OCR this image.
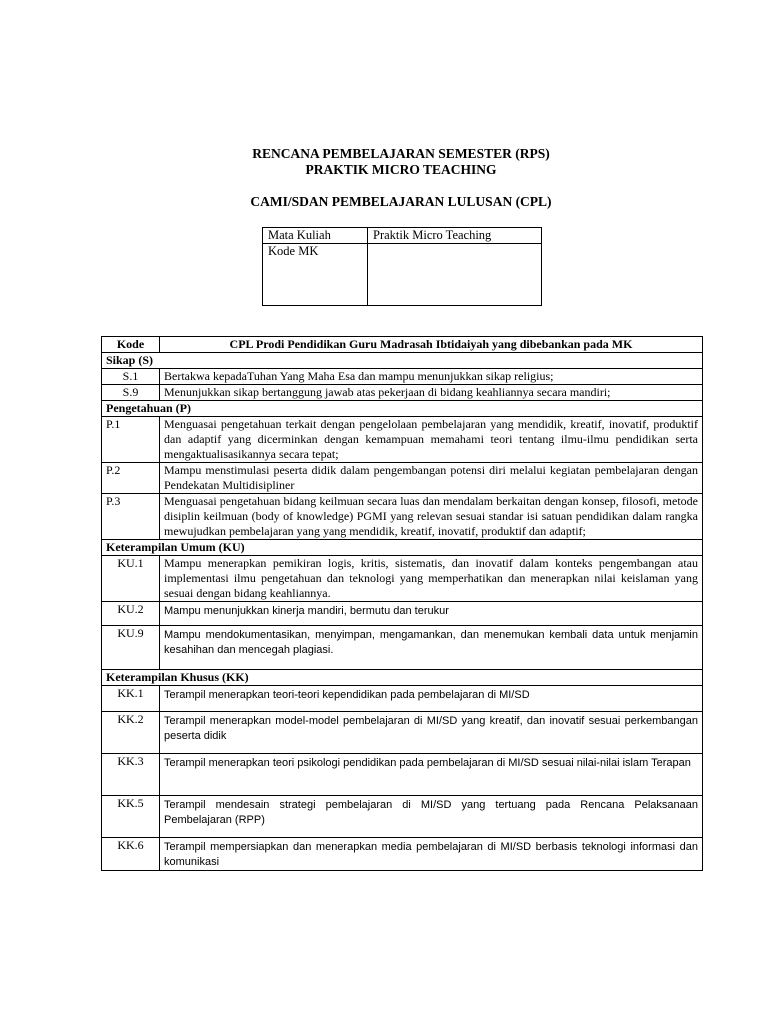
RENCANA PEMBELAJARAN SEMESTER (RPS)
PRAKTIK MICRO TEACHING
CAMI/SDAN PEMBELAJARAN LULUSAN (CPL)
Mata Kuliah	Praktik Micro Teaching
Kode MK	
Kode	CPL Prodi Pendidikan Guru Madrasah Ibtidaiyah yang dibebankan pada MK
Sikap (S)	
S.1	Bertakwa kepadaTuhan Yang Maha Esa dan mampu menunjukkan sikap religius;
S.9	Menunjukkan sikap bertanggung jawab atas pekerjaan di bidang keahliannya secara mandiri;
Pengetahuan (P)	
P.1	Menguasai pengetahuan terkait dengan pengelolaan pembelajaran yang mendidik, kreatif, inovatif, produktif dan adaptif yang dicerminkan dengan kemampuan memahami teori tentang ilmu-ilmu pendidikan serta mengaktualisasikannya secara tepat;
P.2	Mampu menstimulasi peserta didik dalam pengembangan potensi diri melalui kegiatan pembelajaran dengan Pendekatan Multidisipliner
P.3	Menguasai pengetahuan bidang keilmuan secara luas dan mendalam berkaitan dengan konsep, filosofi, metode disiplin keilmuan (body of knowledge) PGMI yang relevan sesuai standar isi satuan pendidikan dalam rangka mewujudkan pembelajaran yang yang mendidik, kreatif, inovatif, produktif dan adaptif;
Keterampilan Umum (KU)	
KU.1	Mampu menerapkan pemikiran logis, kritis, sistematis, dan inovatif dalam konteks pengembangan atau implementasi ilmu pengetahuan dan teknologi yang memperhatikan dan menerapkan nilai keislaman yang sesuai dengan bidang keahliannya.
KU.2	Mampu menunjukkan kinerja mandiri, bermutu dan terukur
KU.9	Mampu mendokumentasikan, menyimpan, mengamankan, dan menemukan kembali data untuk menjamin kesahihan dan mencegah plagiasi.
Keterampilan Khusus (KK)	
KK.1	Terampil menerapkan teori-teori kependidikan pada pembelajaran di MI/SD
KK.2	Terampil menerapkan model-model pembelajaran di MI/SD yang kreatif, dan inovatif sesuai perkembangan peserta didik
KK.3	Terampil menerapkan teori psikologi pendidikan pada pembelajaran di MI/SD sesuai nilai-nilai islam Terapan
KK.5	Terampil mendesain strategi pembelajaran di MI/SD yang tertuang pada Rencana Pelaksanaan Pembelajaran (RPP)
KK.6	Terampil mempersiapkan dan menerapkan media pembelajaran di MI/SD berbasis teknologi informasi dan komunikasi
